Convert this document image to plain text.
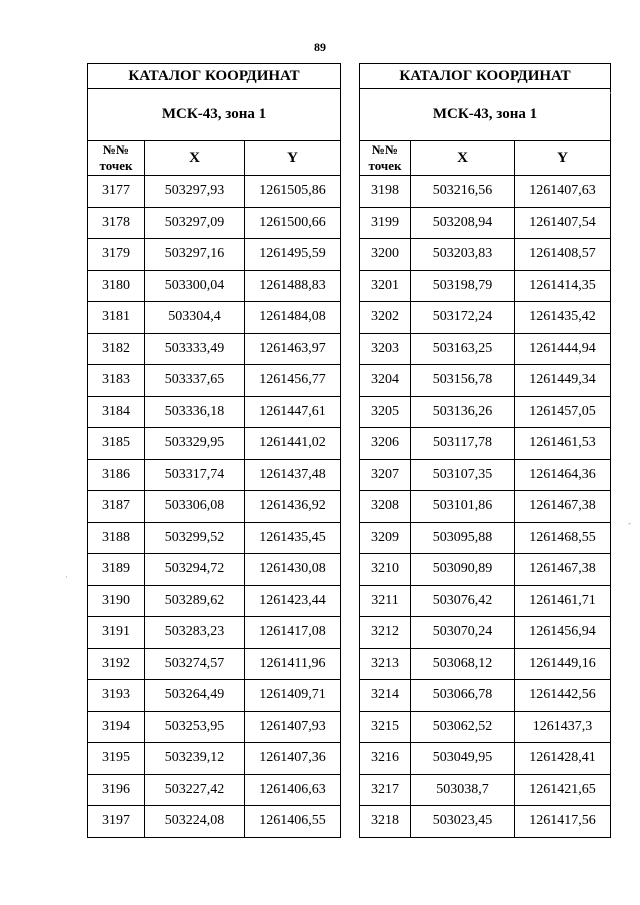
89
КАТАЛОГ КООРДИНАТ		
МСК-43, зона 1		
№№ точек	X	Y
3177	503297,93	1261505,86
3178	503297,09	1261500,66
3179	503297,16	1261495,59
3180	503300,04	1261488,83
3181	503304,4	1261484,08
3182	503333,49	1261463,97
3183	503337,65	1261456,77
3184	503336,18	1261447,61
3185	503329,95	1261441,02
3186	503317,74	1261437,48
3187	503306,08	1261436,92
3188	503299,52	1261435,45
3189	503294,72	1261430,08
3190	503289,62	1261423,44
3191	503283,23	1261417,08
3192	503274,57	1261411,96
3193	503264,49	1261409,71
3194	503253,95	1261407,93
3195	503239,12	1261407,36
3196	503227,42	1261406,63
3197	503224,08	1261406,55
КАТАЛОГ КООРДИНАТ		
МСК-43, зона 1		
№№ точек	X	Y
3198	503216,56	1261407,63
3199	503208,94	1261407,54
3200	503203,83	1261408,57
3201	503198,79	1261414,35
3202	503172,24	1261435,42
3203	503163,25	1261444,94
3204	503156,78	1261449,34
3205	503136,26	1261457,05
3206	503117,78	1261461,53
3207	503107,35	1261464,36
3208	503101,86	1261467,38
3209	503095,88	1261468,55
3210	503090,89	1261467,38
3211	503076,42	1261461,71
3212	503070,24	1261456,94
3213	503068,12	1261449,16
3214	503066,78	1261442,56
3215	503062,52	1261437,3
3216	503049,95	1261428,41
3217	503038,7	1261421,65
3218	503023,45	1261417,56
·
·
-
